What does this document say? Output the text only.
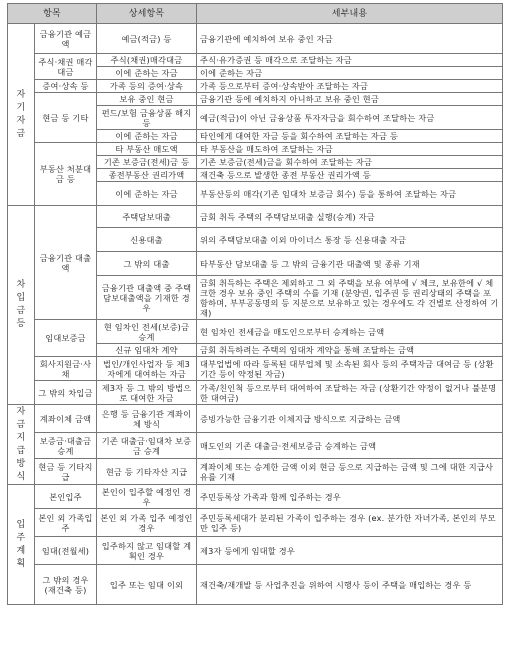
항목		상세항목	세부내용
자기자금	금융기관 예금액	예금(적금) 등	금융기관에 예치하여 보유 중인 자금
	주식·채권 매각대금	주식(채권)매각대금	주식·유가증권 등 매각으로 조달하는 자금
		이에 준하는 자금	이에 준하는 자금
	증여·상속 등	가족 등의 증여·상속	가족 등으로부터 증여·상속받아 조달하는 자금
	현금 등 기타	보유 중인 현금	금융기관 등에 예치하지 아니하고 보유 중인 현금
		펀드/보험 금융상품 해지 등	예금(적금)이 아닌 금융상품 투자자금을 회수하여 조달하는 자금
		이에 준하는 자금	타인에게 대여한 자금 등을 회수하여 조달하는 자금 등
	부동산 처분대금 등	타 부동산 매도액	타 부동산을 매도하여 조달하는 자금
		기존 보증금(전세)금 등	기존 보증금(전세)금을 회수하여 조달하는 자금
		종전부동산 권리가액	재건축 등으로 발생한 종전 부동산 권리가액 등
		이에 준하는 자금	부동산등의 매각(기존 임대차 보증금 회수) 등을 통하여 조달하는 자금
차입금등	금융기관 대출액	주택담보대출	금회 취득 주택의 주택담보대출 실행(승계) 자금
		신용대출	위의 주택담보대출 이외 마이너스 통장 등 신용대출 자금
		그 밖의 대출	타부동산 담보대출 등 그 밖의 금융기관 대출액 및 종류 기재
		금융기관 대출액 중 주택담보대출액을 기재한 경우	금회 취득하는 주택은 제외하고 그 외 주택을 보유 여부에 √ 체크, 보유한에 √ 체크한 경우 보유 중인 주택의 수를 기재 (분양권, 입주권 등 권리상태의 주택을 포함하며, 부부공동명의 등 지분으로 보유하고 있는 경우에도 각 건별로 산정하여 기재)
	임대보증금	현 임차인 전세(보증)금 승계	현 임차인 전세금을 매도인으로부터 승계하는 금액
		신규 임대차 계약	금회 취득하려는 주택의 임대차 계약을 통해 조달하는 금액
	회사지원금·사채	법인/개인사업자 등 제3자에게 대여하는 자금	대부업법에 따라 등록된 대부업체 및 소속된 회사 등의 주택자금 대여금 등 (상환기간 등이 약정된 자금)
	그 밖의 차입금	제3자 등 그 밖의 방법으로 대여한 자금	가족/친인척 등으로부터 대여하여 조달하는 자금 (상환기간 약정이 없거나 불분명한 대여금)
자금지급방식	계좌이체 금액	은행 등 금융기관 계좌이체 방식	증빙가능한 금융기관 이체지급 방식으로 지급하는 금액
	보증금·대출금 승계	기존 대출금·임대차 보증금 승계	매도인의 기존 대출금·전세보증금 승계하는 금액
	현금 등 기타지급	현금 등 기타자산 지급	계좌이체 또는 승계한 금액 이외 현금 등으로 지급하는 금액 및 그에 대한 지급사유를 기재
입주계획	본인입주	본인이 입주할 예정인 경우	주민등록상 가족과 함께 입주하는 경우
	본인 외 가족입주	본인 외 가족 입주 예정인 경우	주민등록세대가 분리된 가족이 입주하는 경우 (ex. 분가한 자녀가족, 본인의 부모만 입주 등)
	임대(전월세)	입주하지 않고 임대할 계획인 경우	제3자 등에게 임대할 경우
	그 밖의 경우 (재건축 등)	입주 또는 임대 이외	재건축/재개발 등 사업추진을 위하여 시행사 등이 주택을 매입하는 경우 등
